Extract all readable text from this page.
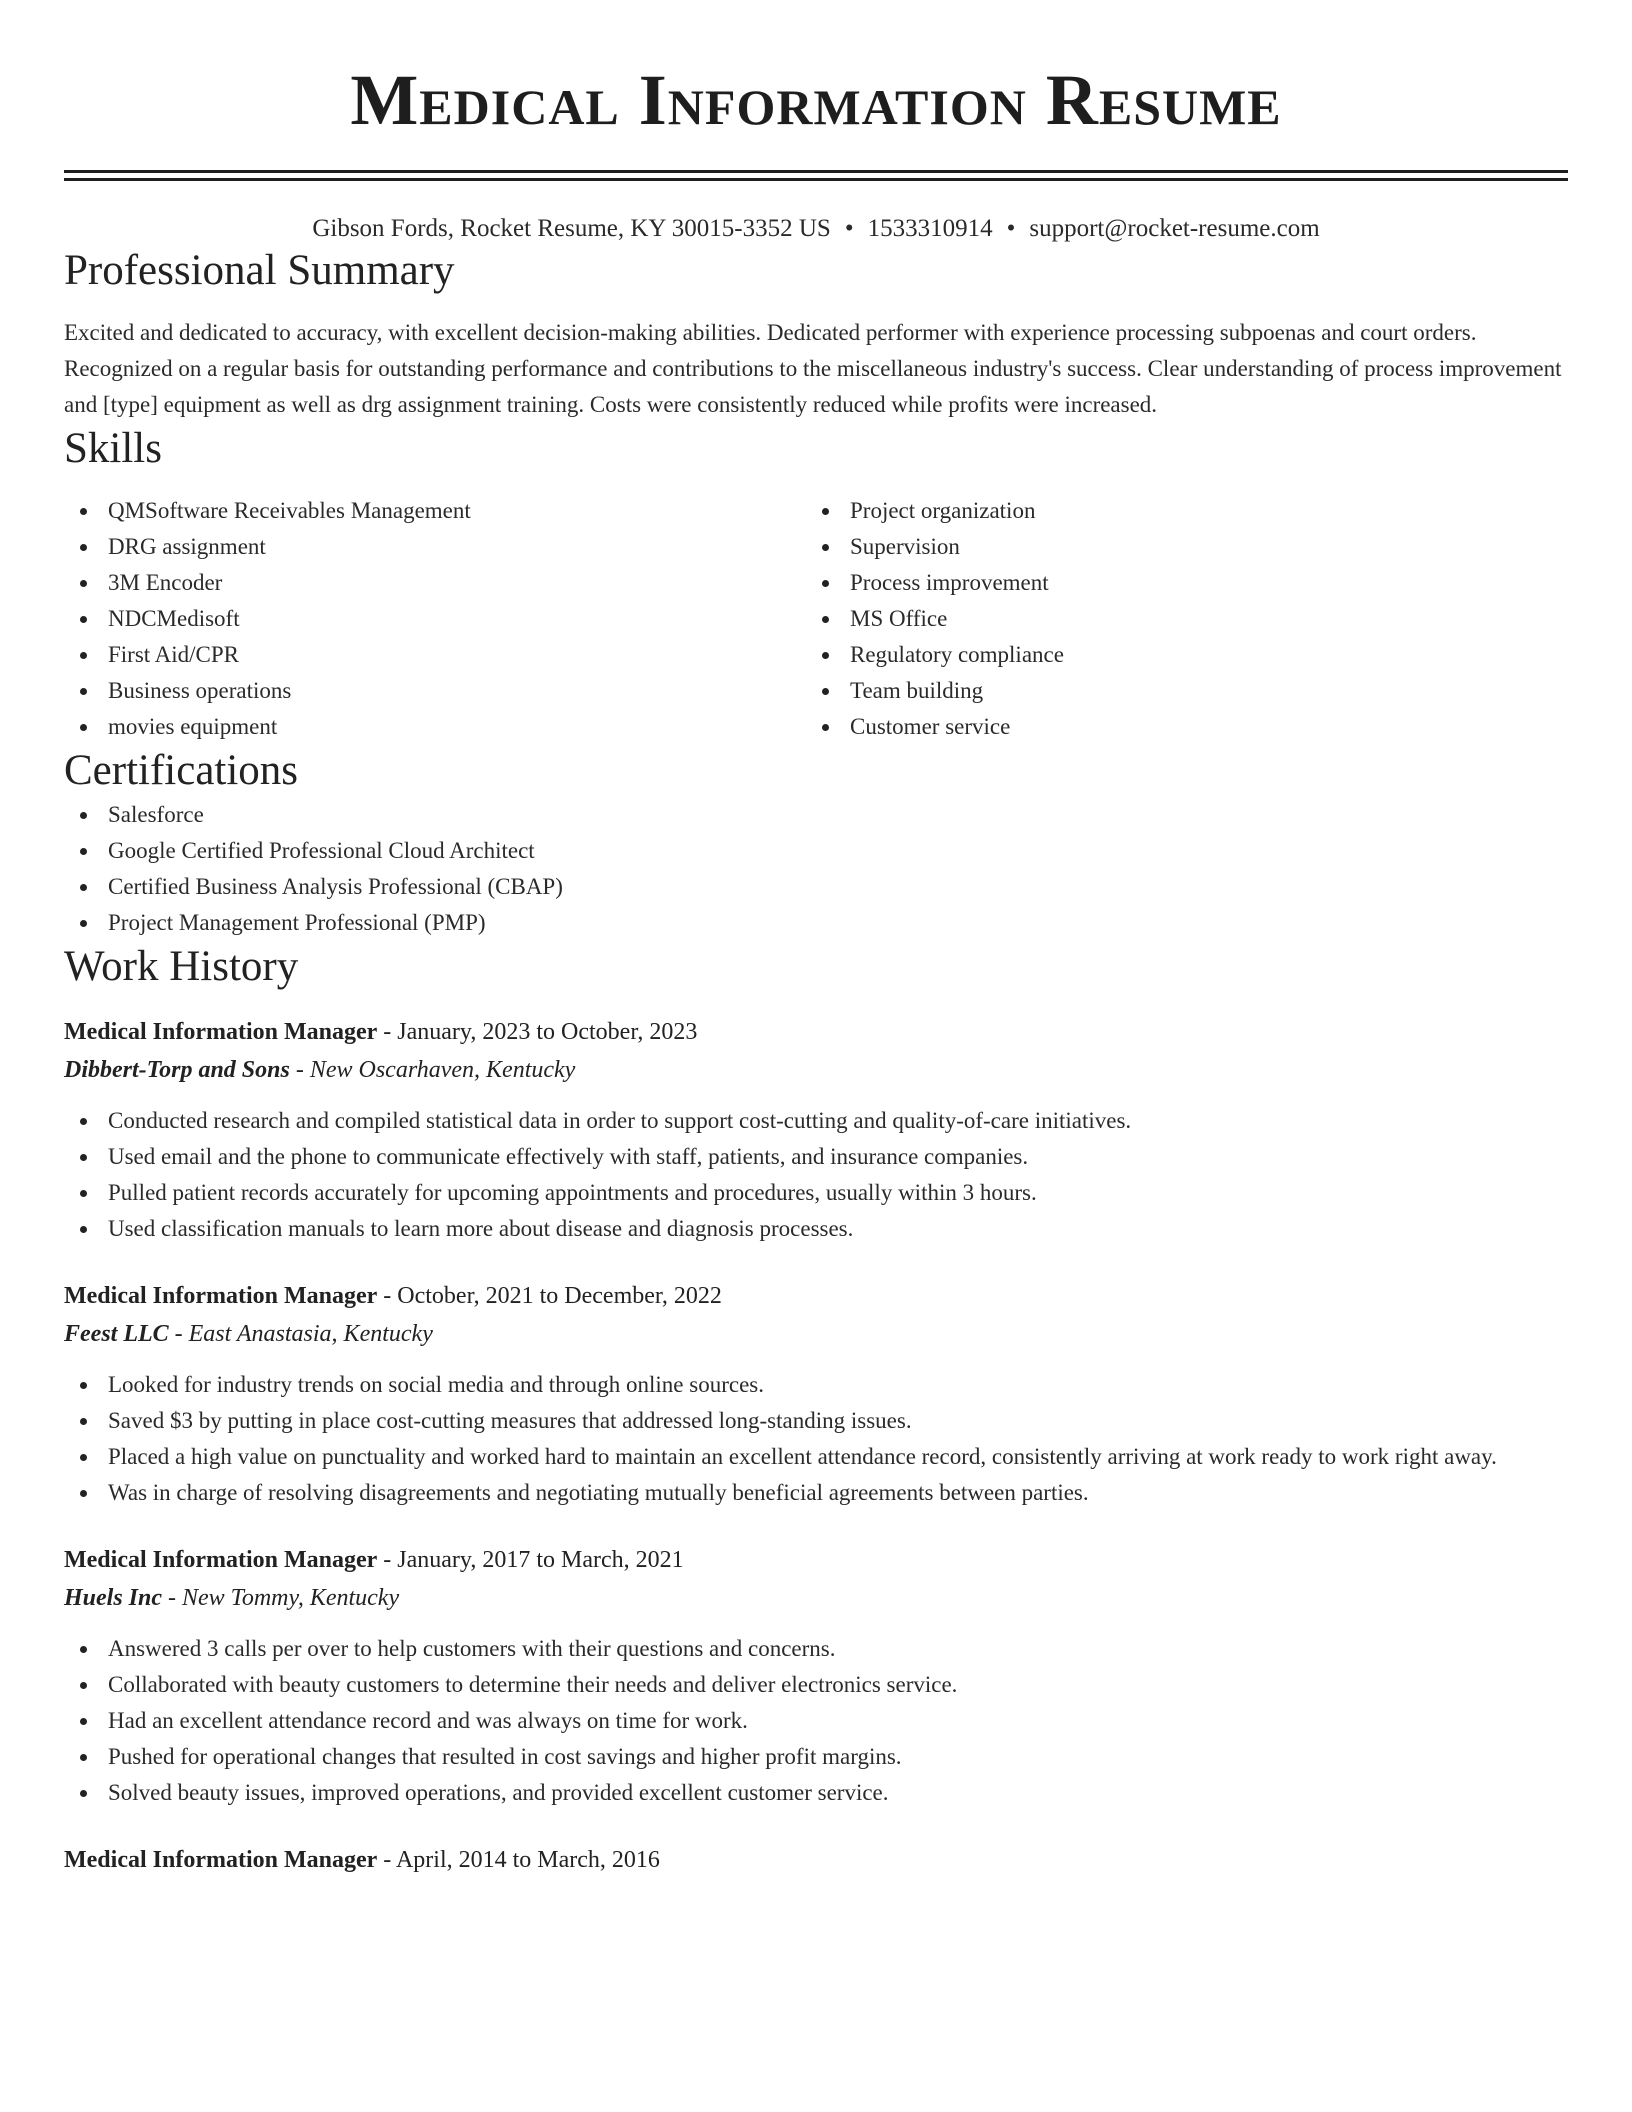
Medical Information Resume
Gibson Fords, Rocket Resume, KY 30015-3352 US • 1533310914 • support@rocket-resume.com
Professional Summary

Excited and dedicated to accuracy, with excellent decision-making abilities. Dedicated performer with experience processing subpoenas and court orders. Recognized on a regular basis for outstanding performance and contributions to the miscellaneous industry's success. Clear understanding of process improvement and [type] equipment as well as drg assignment training. Costs were consistently reduced while profits were increased.

Skills
QMSoftware Receivables Management
DRG assignment
3M Encoder
NDCMedisoft
First Aid/CPR
Business operations
movies equipment
Project organization
Supervision
Process improvement
MS Office
Regulatory compliance
Team building
Customer service
Certifications
Salesforce
Google Certified Professional Cloud Architect
Certified Business Analysis Professional (CBAP)
Project Management Professional (PMP)
Work History
Medical Information Manager - January, 2023 to October, 2023
Dibbert-Torp and Sons - New Oscarhaven, Kentucky
Conducted research and compiled statistical data in order to support cost-cutting and quality-of-care initiatives.
Used email and the phone to communicate effectively with staff, patients, and insurance companies.
Pulled patient records accurately for upcoming appointments and procedures, usually within 3 hours.
Used classification manuals to learn more about disease and diagnosis processes.
Medical Information Manager - October, 2021 to December, 2022
Feest LLC - East Anastasia, Kentucky
Looked for industry trends on social media and through online sources.
Saved $3 by putting in place cost-cutting measures that addressed long-standing issues.
Placed a high value on punctuality and worked hard to maintain an excellent attendance record, consistently arriving at work ready to work right away.
Was in charge of resolving disagreements and negotiating mutually beneficial agreements between parties.
Medical Information Manager - January, 2017 to March, 2021
Huels Inc - New Tommy, Kentucky
Answered 3 calls per over to help customers with their questions and concerns.
Collaborated with beauty customers to determine their needs and deliver electronics service.
Had an excellent attendance record and was always on time for work.
Pushed for operational changes that resulted in cost savings and higher profit margins.
Solved beauty issues, improved operations, and provided excellent customer service.
Medical Information Manager - April, 2014 to March, 2016
